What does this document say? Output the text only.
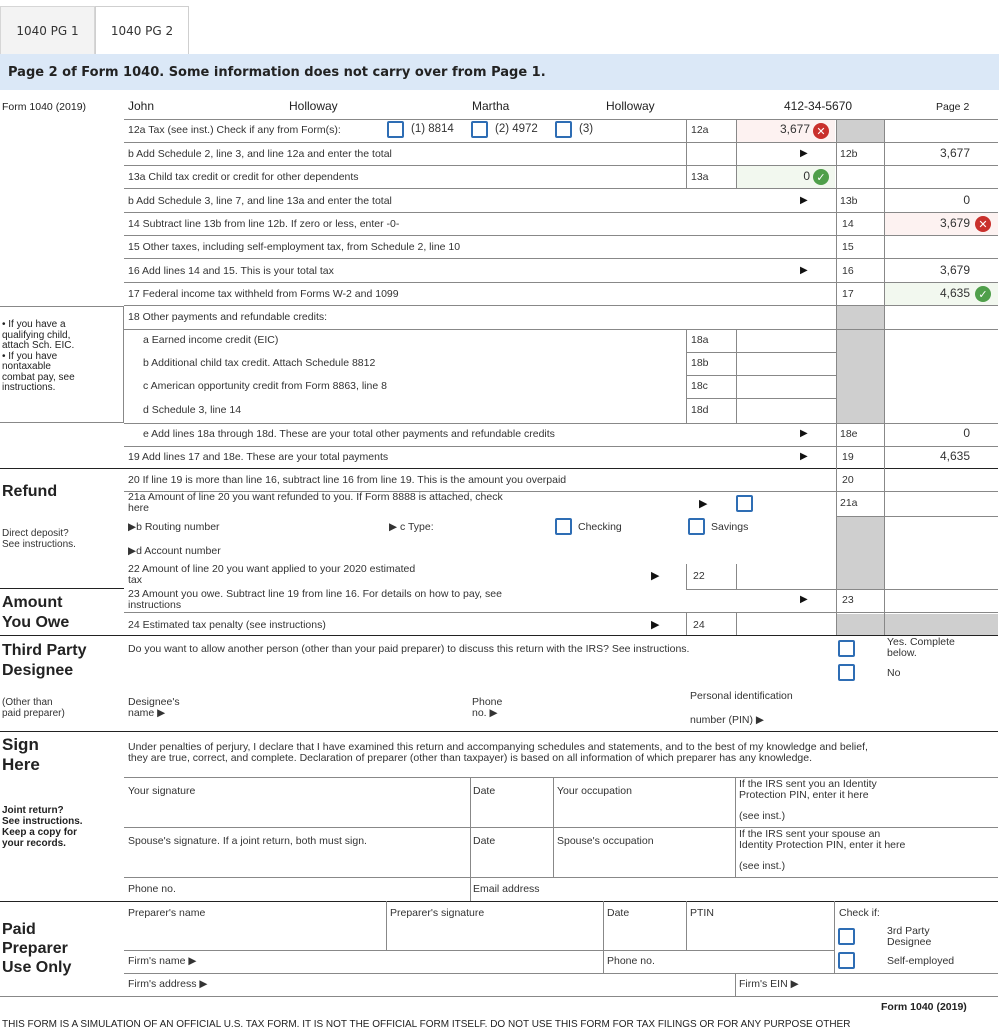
1040 PG 1	1040 PG 2
Page 2 of Form 1040. Some information does not carry over from Page 1.
Form 1040 (2019)	John	Holloway	Martha	Holloway	412-34-5670	Page 2
12a Tax (see inst.) Check if any from Form(s):	(1) 8814	(2) 4972	(3)	12a	3,677 ✕
b Add Schedule 2, line 3, and line 12a and enter the total	▶	12b	3,677
13a Child tax credit or credit for other dependents	13a	0 ✓
b Add Schedule 3, line 7, and line 13a and enter the total	▶	13b	0
14 Subtract line 13b from line 12b. If zero or less, enter -0-	14	3,679 ✕
15 Other taxes, including self-employment tax, from Schedule 2, line 10	15
16 Add lines 14 and 15. This is your total tax	▶	16	3,679
17 Federal income tax withheld from Forms W-2 and 1099	17	4,635 ✓
18 Other payments and refundable credits:
• If you have a
qualifying child,
attach Sch. EIC.
• If you have
nontaxable
combat pay, see
instructions.
a Earned income credit (EIC)	18a
b Additional child tax credit. Attach Schedule 8812	18b
c American opportunity credit from Form 8863, line 8	18c
d Schedule 3, line 14	18d
e Add lines 18a through 18d. These are your total other payments and refundable credits	▶	18e	0
19 Add lines 17 and 18e. These are your total payments	▶	19	4,635
Refund
20 If line 19 is more than line 16, subtract line 16 from line 19. This is the amount you overpaid	20
21a Amount of line 20 you want refunded to you. If Form 8888 is attached, check
here	▶	21a
Direct deposit?
See instructions.
▶b Routing number	▶ c Type:	Checking	Savings
▶d Account number
22 Amount of line 20 you want applied to your 2020 estimated
tax	▶	22
Amount
You Owe
23 Amount you owe. Subtract line 19 from line 16. For details on how to pay, see
instructions	▶	23
24 Estimated tax penalty (see instructions)	▶	24
Third Party
Designee
Do you want to allow another person (other than your paid preparer) to discuss this return with the IRS? See instructions.
Yes. Complete
below.
No
(Other than
paid preparer)
Designee's
name ▶
Phone
no. ▶
Personal identification
number (PIN) ▶
Sign
Here
Under penalties of perjury, I declare that I have examined this return and accompanying schedules and statements, and to the best of my knowledge and belief,
they are true, correct, and complete. Declaration of preparer (other than taxpayer) is based on all information of which preparer has any knowledge.
Joint return?
See instructions.
Keep a copy for
your records.
Your signature	Date	Your occupation
If the IRS sent you an Identity
Protection PIN, enter it here
(see inst.)
Spouse's signature. If a joint return, both must sign.	Date	Spouse's occupation
If the IRS sent your spouse an
Identity Protection PIN, enter it here
(see inst.)
Phone no.	Email address
Paid
Preparer
Use Only
Preparer's name	Preparer's signature	Date	PTIN	Check if:
3rd Party
Designee
Self-employed
Firm's name ▶	Phone no.
Firm's address ▶	Firm's EIN ▶
Form 1040 (2019)
THIS FORM IS A SIMULATION OF AN OFFICIAL U.S. TAX FORM. IT IS NOT THE OFFICIAL FORM ITSELF. DO NOT USE THIS FORM FOR TAX FILINGS OR FOR ANY PURPOSE OTHER
